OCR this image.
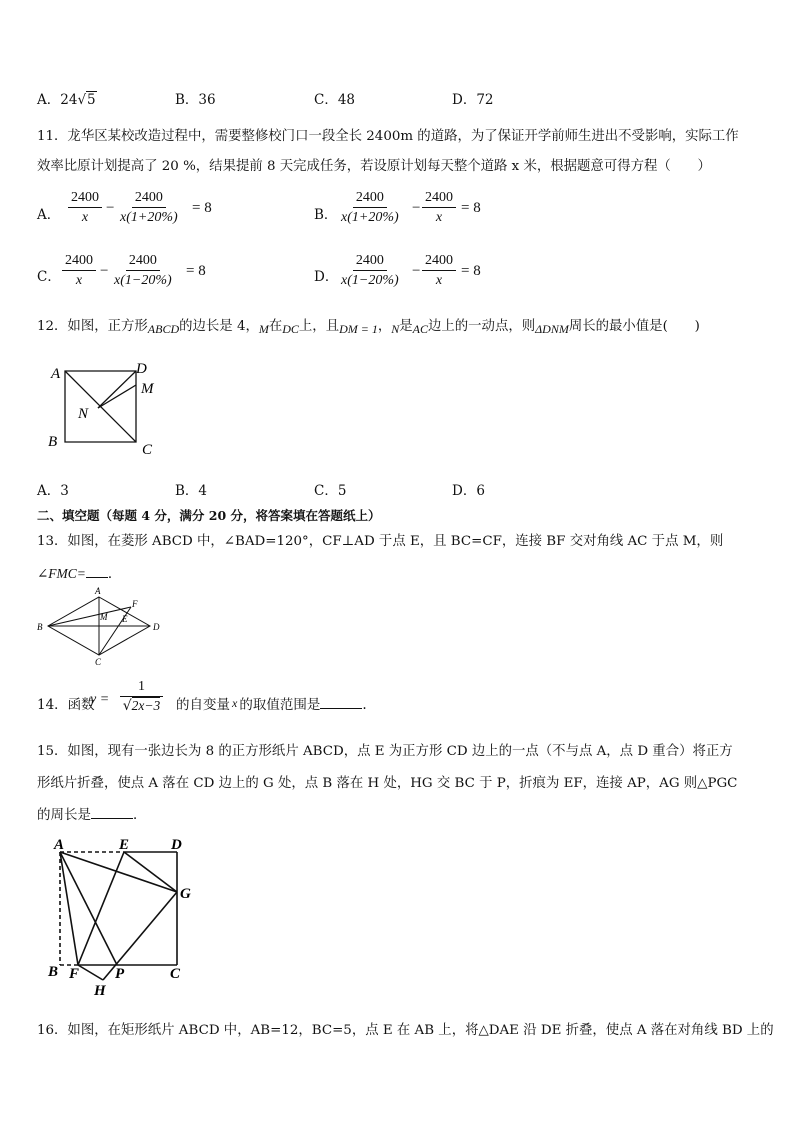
A．24√5	B．36	C．48	D．72
11．龙华区某校改造过程中，需要整修校门口一段全长 2400m 的道路，为了保证开学前师生进出不受影响，实际工作
效率比原计划提高了 20 %，结果提前 8 天完成任务，若设原计划每天整个道路 x 米，根据题意可得方程（　　）
A． $\frac{2400}{x} - \frac{2400}{x(1+20\%)} = 8$	B． $\frac{2400}{x(1+20\%)} - \frac{2400}{x} = 8$
C． $\frac{2400}{x} - \frac{2400}{x(1-20\%)} = 8$	D． $\frac{2400}{x(1-20\%)} - \frac{2400}{x} = 8$
12．如图，正方形ABCD的边长是 4，M在DC上，且DM = 1，N是AC边上的一动点，则ΔDNM周长的最小值是(　　)
A	D
M
N
B	C
A．3	B．4	C．5	D．6
二、填空题（每题 4 分，满分 20 分，将答案填在答题纸上）
13．如图，在菱形 ABCD 中，∠BAD=120°，CF⊥AD 于点 E，且 BC=CF，连接 BF 交对角线 AC 于点 M，则
∠FMC= ．
A
F
M E
B	D
C
14．函数
$y = \frac{1}{√ 2x-3}$ 的自变量 x 的取值范围是	.
15．如图，现有一张边长为 8 的正方形纸片 ABCD，点 E 为正方形 CD 边上的一点（不与点 A，点 D 重合）将正方
形纸片折叠，使点 A 落在 CD 边上的 G 处，点 B 落在 H 处，HG 交 BC 于 P，折痕为 EF，连接 AP，AG 则△PGC
的周长是	．
A	E	D
G
B F P	C
H
16．如图，在矩形纸片 ABCD 中，AB=12，BC=5，点 E 在 AB 上，将△DAE 沿 DE 折叠，使点 A 落在对角线 BD 上的
